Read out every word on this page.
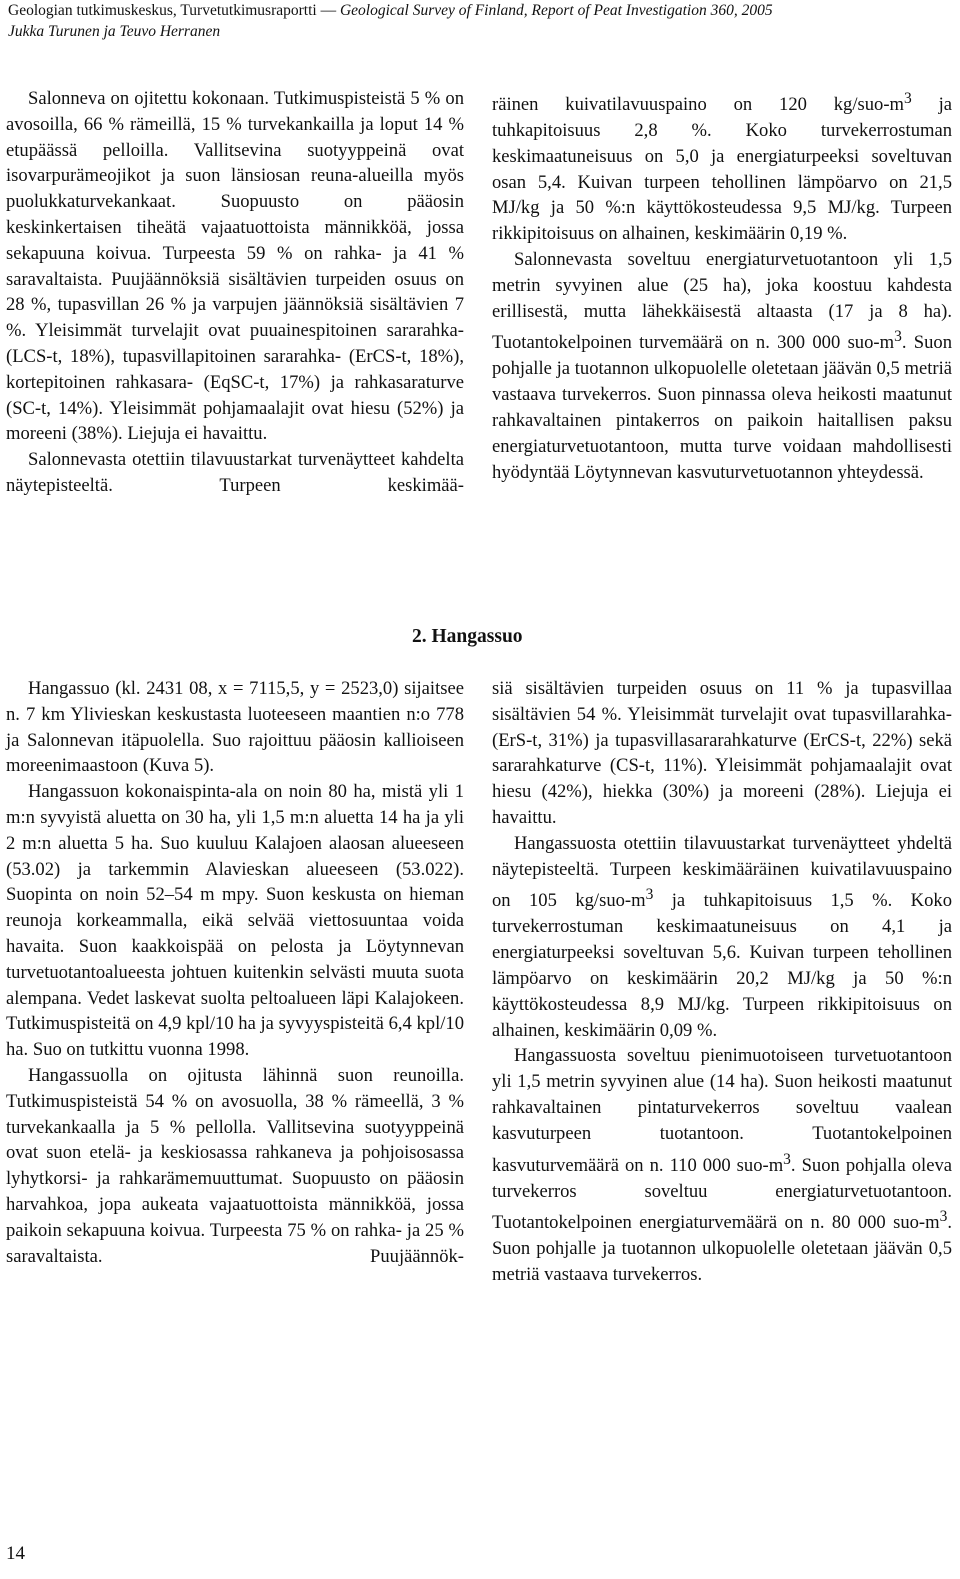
Geologian tutkimuskeskus, Turvetutkimusraportti — Geological Survey of Finland, Report of Peat Investigation 360, 2005
Jukka Turunen ja Teuvo Herranen

Salonneva on ojitettu kokonaan. Tutkimuspisteistä 5 % on avosoilla, 66 % rämeillä, 15 % turvekankailla ja loput 14 % etupäässä pelloilla. Vallitsevina suotyyppeinä ovat isovarpurämeojikot ja suon länsiosan reuna-alueilla myös puolukkaturvekankaat. Suopuusto on pääosin keskinkertaisen tiheätä vajaatuottoista männikköä, jossa sekapuuna koivua. Turpeesta 59 % on rahka- ja 41 % saravaltaista. Puujäännöksiä sisältävien turpeiden osuus on 28 %, tupasvillan 26 % ja varpujen jäännöksiä sisältävien 7 %. Yleisimmät turvelajit ovat puuainespitoinen sararahka- (LCS-t, 18%), tupasvillapitoinen sararahka- (ErCS-t, 18%), kortepitoinen rahkasara- (EqSC-t, 17%) ja rahkasaraturve (SC-t, 14%). Yleisimmät pohjamaalajit ovat hiesu (52%) ja moreeni (38%). Liejuja ei havaittu.

Salonnevasta otettiin tilavuustarkat turvenäytteet kahdelta näytepisteeltä. Turpeen keskimää-

räinen kuivatilavuuspaino on 120 $kg/suo-m^3$ ja tuhkapitoisuus 2,8 %. Koko turvekerrostuman keskimaatuneisuus on 5,0 ja energiaturpeeksi soveltuvan osan 5,4. Kuivan turpeen tehollinen lämpöarvo on 21,5 MJ/kg ja 50 %:n käyttökosteudessa 9,5 MJ/kg. Turpeen rikkipitoisuus on alhainen, keskimäärin 0,19 %.

Salonnevasta soveltuu energiaturvetuotantoon yli 1,5 metrin syvyinen alue (25 ha), joka koostuu kahdesta erillisestä, mutta lähekkäisestä altaasta (17 ja 8 ha). Tuotantokelpoinen turvemäärä on n. 300 000 suo-$m^3$. Suon pohjalle ja tuotannon ulkopuolelle oletetaan jäävän 0,5 metriä vastaava turvekerros. Suon pinnassa oleva heikosti maatunut rahkavaltainen pintakerros on paikoin haitallisen paksu energiaturvetuotantoon, mutta turve voidaan mahdollisesti hyödyntää Löytynnevan kasvuturvetuotannon yhteydessä.

2. Hangassuo

Hangassuo (kl. 2431 08, x = 7115,5, y = 2523,0) sijaitsee n. 7 km Ylivieskan keskustasta luoteeseen maantien n:o 778 ja Salonnevan itäpuolella. Suo rajoittuu pääosin kallioiseen moreenimaastoon (Kuva 5).

Hangassuon kokonaispinta-ala on noin 80 ha, mistä yli 1 m:n syvyistä aluetta on 30 ha, yli 1,5 m:n aluetta 14 ha ja yli 2 m:n aluetta 5 ha. Suo kuuluu Kalajoen alaosan alueeseen (53.02) ja tarkemmin Alavieskan alueeseen (53.022). Suopinta on noin 52–54 m mpy. Suon keskusta on hieman reunoja korkeammalla, eikä selvää viettosuuntaa voida havaita. Suon kaakkoispää on pelosta ja Löytynnevan turvetuotantoalueesta johtuen kuitenkin selvästi muuta suota alempana. Vedet laskevat suolta peltoalueen läpi Kalajokeen. Tutkimuspisteitä on 4,9 kpl/10 ha ja syvyyspisteitä 6,4 kpl/10 ha. Suo on tutkittu vuonna 1998.

Hangassuolla on ojitusta lähinnä suon reunoilla. Tutkimuspisteistä 54 % on avosuolla, 38 % rämeellä, 3 % turvekankaalla ja 5 % pellolla. Vallitsevina suotyyppeinä ovat suon etelä- ja keskiosassa rahkaneva ja pohjoisosassa lyhytkorsi- ja rahkarämemuuttumat. Suopuusto on pääosin harvahkoa, jopa aukeata vajaatuottoista männikköä, jossa paikoin sekapuuna koivua. Turpeesta 75 % on rahka- ja 25 % saravaltaista. Puujäännök-

siä sisältävien turpeiden osuus on 11 % ja tupasvillaa sisältävien 54 %. Yleisimmät turvelajit ovat tupasvillarahka- (ErS-t, 31%) ja tupasvillasararahkaturve (ErCS-t, 22%) sekä sararahkaturve (CS-t, 11%). Yleisimmät pohjamaalajit ovat hiesu (42%), hiekka (30%) ja moreeni (28%). Liejuja ei havaittu.

Hangassuosta otettiin tilavuustarkat turvenäytteet yhdeltä näytepisteeltä. Turpeen keskimääräinen kuivatilavuuspaino on 105 $kg/suo-m^3$ ja tuhkapitoisuus 1,5 %. Koko turvekerrostuman keskimaatuneisuus on 4,1 ja energiaturpeeksi soveltuvan 5,6. Kuivan turpeen tehollinen lämpöarvo on keskimäärin 20,2 MJ/kg ja 50 %:n käyttökosteudessa 8,9 MJ/kg. Turpeen rikkipitoisuus on alhainen, keskimäärin 0,09 %.

Hangassuosta soveltuu pienimuotoiseen turvetuotantoon yli 1,5 metrin syvyinen alue (14 ha). Suon heikosti maatunut rahkavaltainen pintaturvekerros soveltuu vaalean kasvuturpeen tuotantoon. Tuotantokelpoinen kasvuturvemäärä on n. 110 000 suo-$m^3$. Suon pohjalla oleva turvekerros soveltuu energiaturvetuotantoon. Tuotantokelpoinen energiaturvemäärä on n. 80 000 suo-$m^3$. Suon pohjalle ja tuotannon ulkopuolelle oletetaan jäävän 0,5 metriä vastaava turvekerros.

14
